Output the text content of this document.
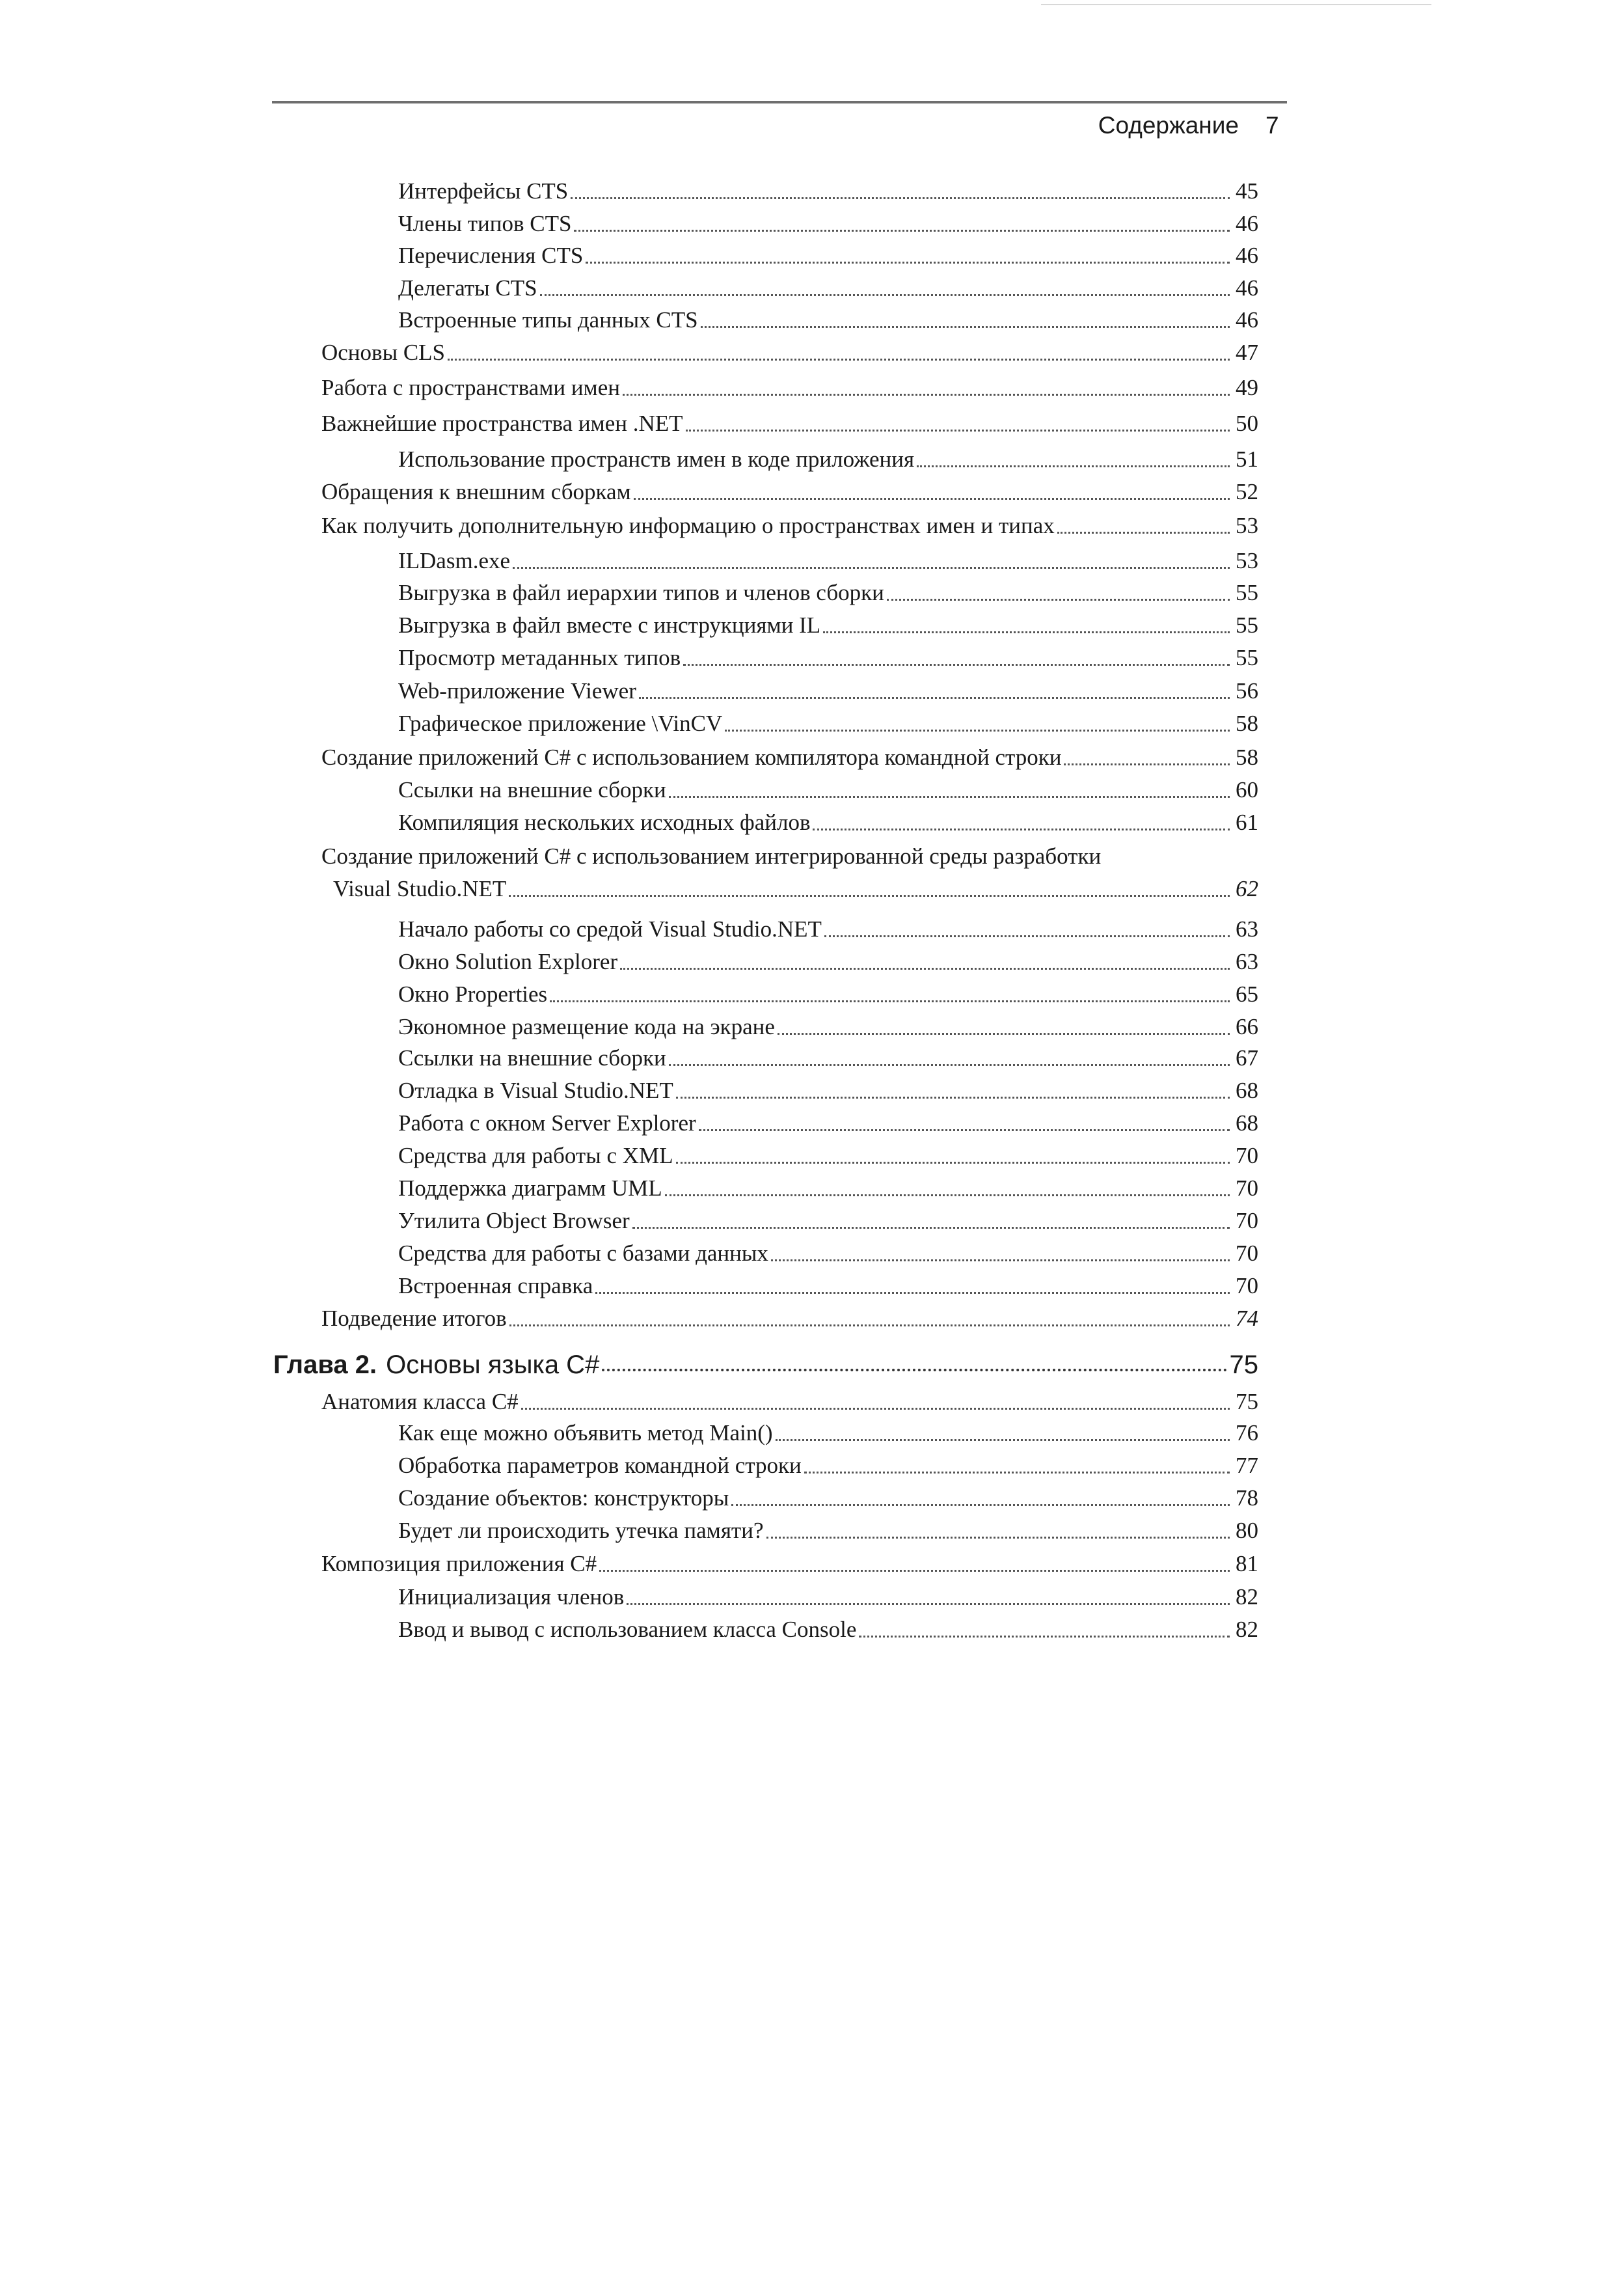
Содержание 7
Интерфейсы CTS	45
Члены типов CTS	46
Перечисления CTS	46
Делегаты CTS	46
Встроенные типы данных CTS	46
Основы CLS	47
Работа с пространствами имен	49
Важнейшие пространства имен .NET	50
Использование пространств имен в коде приложения	51
Обращения к внешним сборкам	52
Как получить дополнительную информацию о пространствах имен и типах	53
ILDasm.exe	53
Выгрузка в файл иерархии типов и членов сборки	55
Выгрузка в файл вместе с инструкциями IL	55
Просмотр метаданных типов	55
Web-приложение Viewer	56
Графическое приложение \VinCV	58
Создание приложений C# с использованием компилятора командной строки	58
Ссылки на внешние сборки	60
Компиляция нескольких исходных файлов	61
Создание приложений C# с использованием интегрированной среды разработки
Visual Studio.NET	62
Начало работы со средой Visual Studio.NET	63
Окно Solution Explorer	63
Окно Properties	65
Экономное размещение кода на экране	66
Ссылки на внешние сборки	67
Отладка в Visual Studio.NET	68
Работа с окном Server Explorer	68
Средства для работы с XML	70
Поддержка диаграмм UML	70
Утилита Object Browser	70
Средства для работы с базами данных	70
Встроенная справка	70
Подведение итогов	74
Глава 2. Основы языка C#	75
Анатомия класса C#	75
Как еще можно объявить метод Main()	76
Обработка параметров командной строки	77
Создание объектов: конструкторы	78
Будет ли происходить утечка памяти?	80
Композиция приложения C#	81
Инициализация членов	82
Ввод и вывод с использованием класса Console	82
